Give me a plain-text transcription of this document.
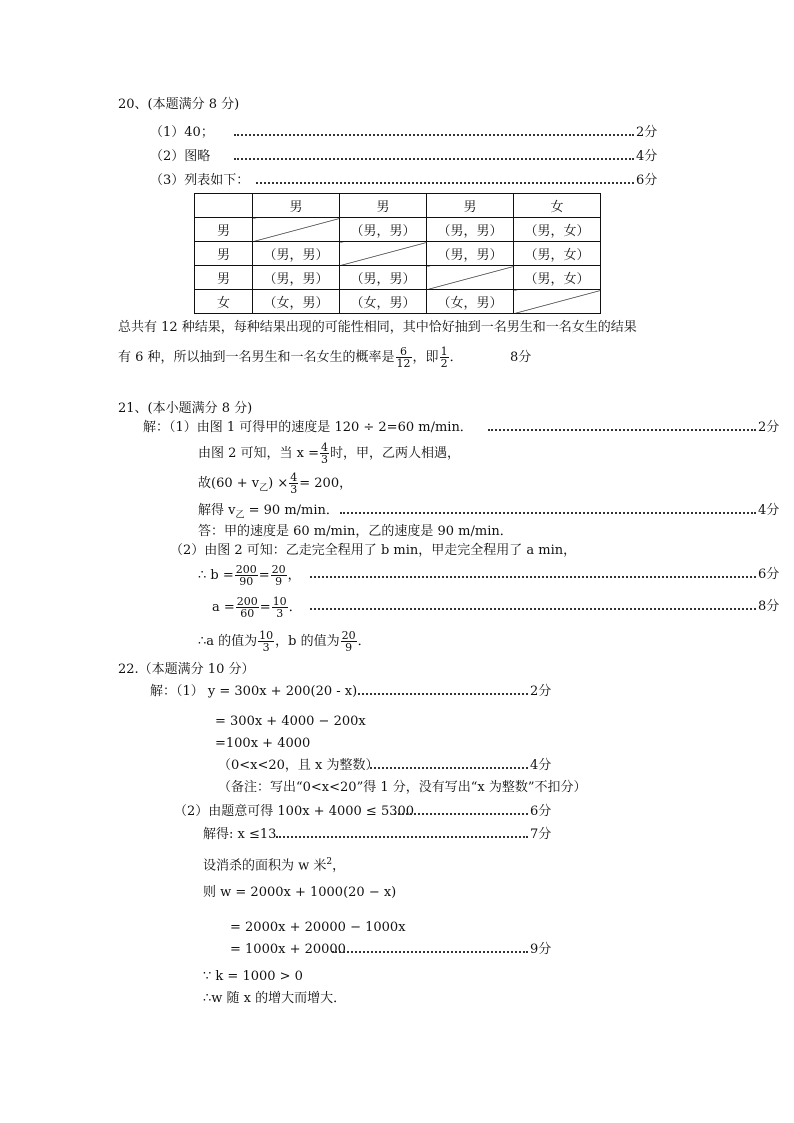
20、(本题满分 8 分)
（1）40；	2分
（2）图略	4分
（3）列表如下：	6分
	男	男	男	女
男		（男，男）	（男，男）	（男，女）
男	（男，男）		（男，男）	（男，女）
男	（男，男）	（男，男）		（男，女）
女	（女，男）	（女，男）	（女，男）	
总共有 12 种结果，每种结果出现的可能性相同，其中恰好抽到一名男生和一名女生的结果
有 6 种，所以抽到一名男生和一名女生的概率是 $\frac{6}{12}$ ，即 $\frac{1}{2}$ ．	8分
21、(本小题满分 8 分)
解：（1）由图 1 可得甲的速度是 120 ÷ 2=60 m/min．	2分
由图 2 可知，当 $x = \frac{4}{3}$ 时，甲，乙两人相遇，
故$(60 + v_乙) \times \frac{4}{3} = 200$，
解得 $v_乙 = 90$ m/min．	4分
答：甲的速度是 60 m/min，乙的速度是 90 m/min．
（2）由图 2 可知：乙走完全程用了 b min，甲走完全程用了 a min，
∴ $b = \frac{200}{90} = \frac{20}{9}$ ，	6分
$a = \frac{200}{60} = \frac{10}{3}$ ．	8分
∴a 的值为 $\frac{10}{3}$ ，b 的值为 $\frac{20}{9}$ ．
22.（本题满分 10 分）
解：（1） y = 300x + 200(20 - x)	2分
= 300x + 4000 − 200x
=100x + 4000
（0<x<20，且 x 为整数）	4分
（备注：写出“0<x<20”得 1 分，没有写出“x 为整数”不扣分）
（2）由题意可得 100x + 4000 ≤ 5300	6分
解得: x ≤13	7分
设消杀的面积为 w 米$^2$，
则 w = 2000x + 1000(20 − x)
= 2000x + 20000 − 1000x
= 1000x + 20000	9分
∵ k = 1000 > 0
∴w 随 x 的增大而增大．
